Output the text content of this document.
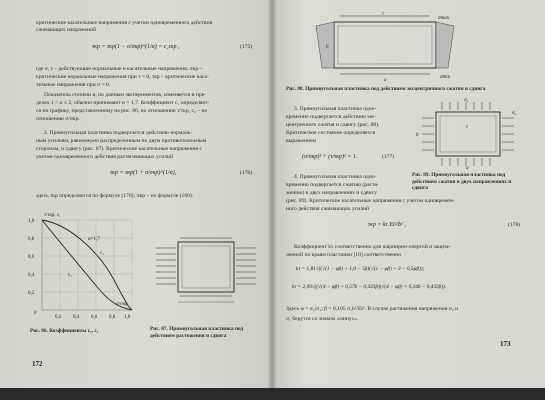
критические касательные напряжения с учетом одновременного действия
сжимающих напряжений
τкр = τкр(1 − σ/σкр)^(1/α) = c₂τкр ,	(175)
где σ, τ – действующие нормальные и касательные напряжения; σкр –
критические нормальные напряжения при τ = 0, τкр – критические каса-
тельные напряжения при σ = 0.
Показатель степени α, по данным экспериментов, изменяется в пре-
делах 1 < α ≤ 2, обычно принимают α = 1,7. Коэффициент c₁ определяет-
ся по графику, представленному на рис. 86, по отношению τ/τкр, c₂ – по
отношению σ/σкр.
2. Прямоугольная пластинка подвергается действию нормаль-
ным усилиям, равномерно распределенным по двум противоположным
сторонам, и сдвигу (рис. 87). Критические касательные напряжения с
учетом одновременного действия растягивающих усилий
τкр = τкр(1 + σ/σкр)^(1/α),	(176)
здесь τкр определяется по формуле (170); σкр – по формуле (160).
1,0
0,8
0,6
0,4
0,2
0
0,2 0,4 0,6 0,8 1,0
τ/τкр, c₁
σ/σкр
c₁
c₂
α=1,7
Рис. 86. Коэффициенты c₁, c₂	Рис. 87. Прямоугольная пластинка под действием растяжения и сдвига
172
τ
σmax
σmin
a
b
Рис. 88. Прямоугольная пластинка под действием эксцентричного сжатия и сдвига
3. Прямоугольная пластинка одно-
временно подвергается действию экс-
центричного сжатия и сдвигу (рис. 88).
Критическое состояние определяется
выражением
(σ/σкр)² + (τ/τкр)² = 1.	(177)
σ₂
σ₁
τ
a
b
Рис. 89. Прямоугольная пластинка под действием сжатия в двух направлениях и сдвига
4. Прямоугольная пластинка одно-
временно подвергается сжатию (растя-
жению) в двух направлениях и сдвигу
(рис. 89). Критические касательные напряжения с учетом одновремен-
ного действия сжимающих усилий
τкр = kτ Et²/b² ,	(178)
Коэффициент kτ соответственно для шарнирно-опертой и защем-
ленной по краям пластинки [10] соответственно
kτ = 1,81√((√(1 − φβ) + 1,0 − 5β)(√(1 − φβ) + 3 − 0,5φβ));
kτ = 2,09√((√(4 − φβ) + 0,576 − 0,433β)(√(4 − φβ) + 0,346 − 0,433β)).
Здесь φ = σ₂/σ₁; β = 0,105 σ₁b²/Et². В случае растяжения напряжения σ₂ и
σ₁ берутся со знаком «минус».
173
